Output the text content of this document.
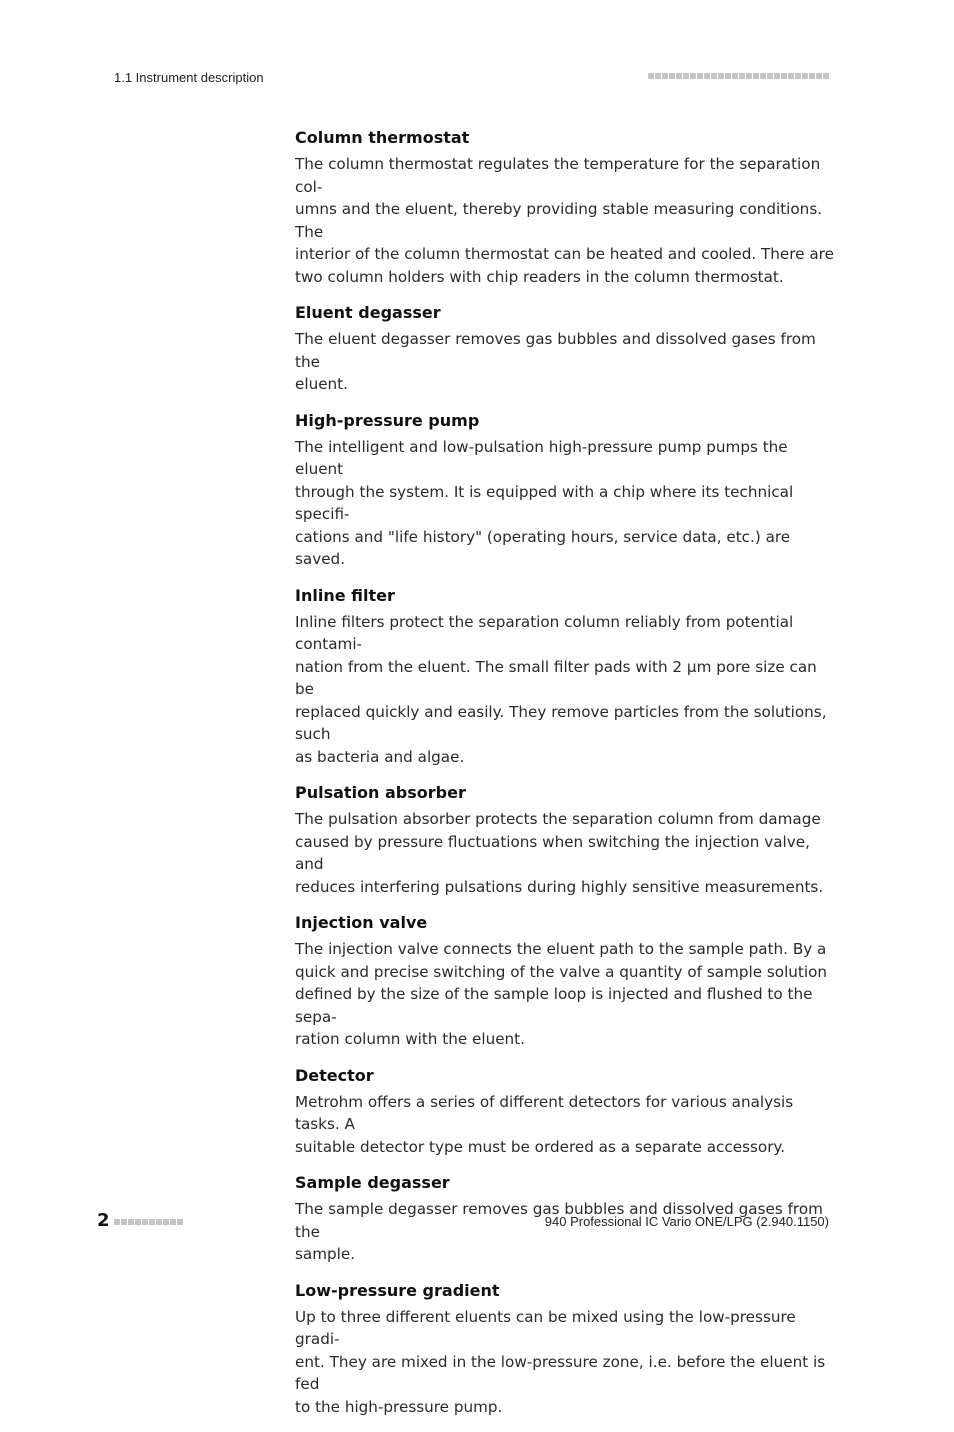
1.1 Instrument description
Column thermostat

The column thermostat regulates the temperature for the separation col-
umns and the eluent, thereby providing stable measuring conditions. The
interior of the column thermostat can be heated and cooled. There are
two column holders with chip readers in the column thermostat.

Eluent degasser

The eluent degasser removes gas bubbles and dissolved gases from the
eluent.

High-pressure pump

The intelligent and low-pulsation high-pressure pump pumps the eluent
through the system. It is equipped with a chip where its technical specifi-
cations and "life history" (operating hours, service data, etc.) are saved.

Inline filter

Inline filters protect the separation column reliably from potential contami-
nation from the eluent. The small filter pads with 2 µm pore size can be
replaced quickly and easily. They remove particles from the solutions, such
as bacteria and algae.

Pulsation absorber

The pulsation absorber protects the separation column from damage
caused by pressure fluctuations when switching the injection valve, and
reduces interfering pulsations during highly sensitive measurements.

Injection valve

The injection valve connects the eluent path to the sample path. By a
quick and precise switching of the valve a quantity of sample solution
defined by the size of the sample loop is injected and flushed to the sepa-
ration column with the eluent.

Detector

Metrohm offers a series of different detectors for various analysis tasks. A
suitable detector type must be ordered as a separate accessory.

Sample degasser

The sample degasser removes gas bubbles and dissolved gases from the
sample.

Low-pressure gradient

Up to three different eluents can be mixed using the low-pressure gradi-
ent. They are mixed in the low-pressure zone, i.e. before the eluent is fed
to the high-pressure pump.

2	940 Professional IC Vario ONE/LPG (2.940.1150)
